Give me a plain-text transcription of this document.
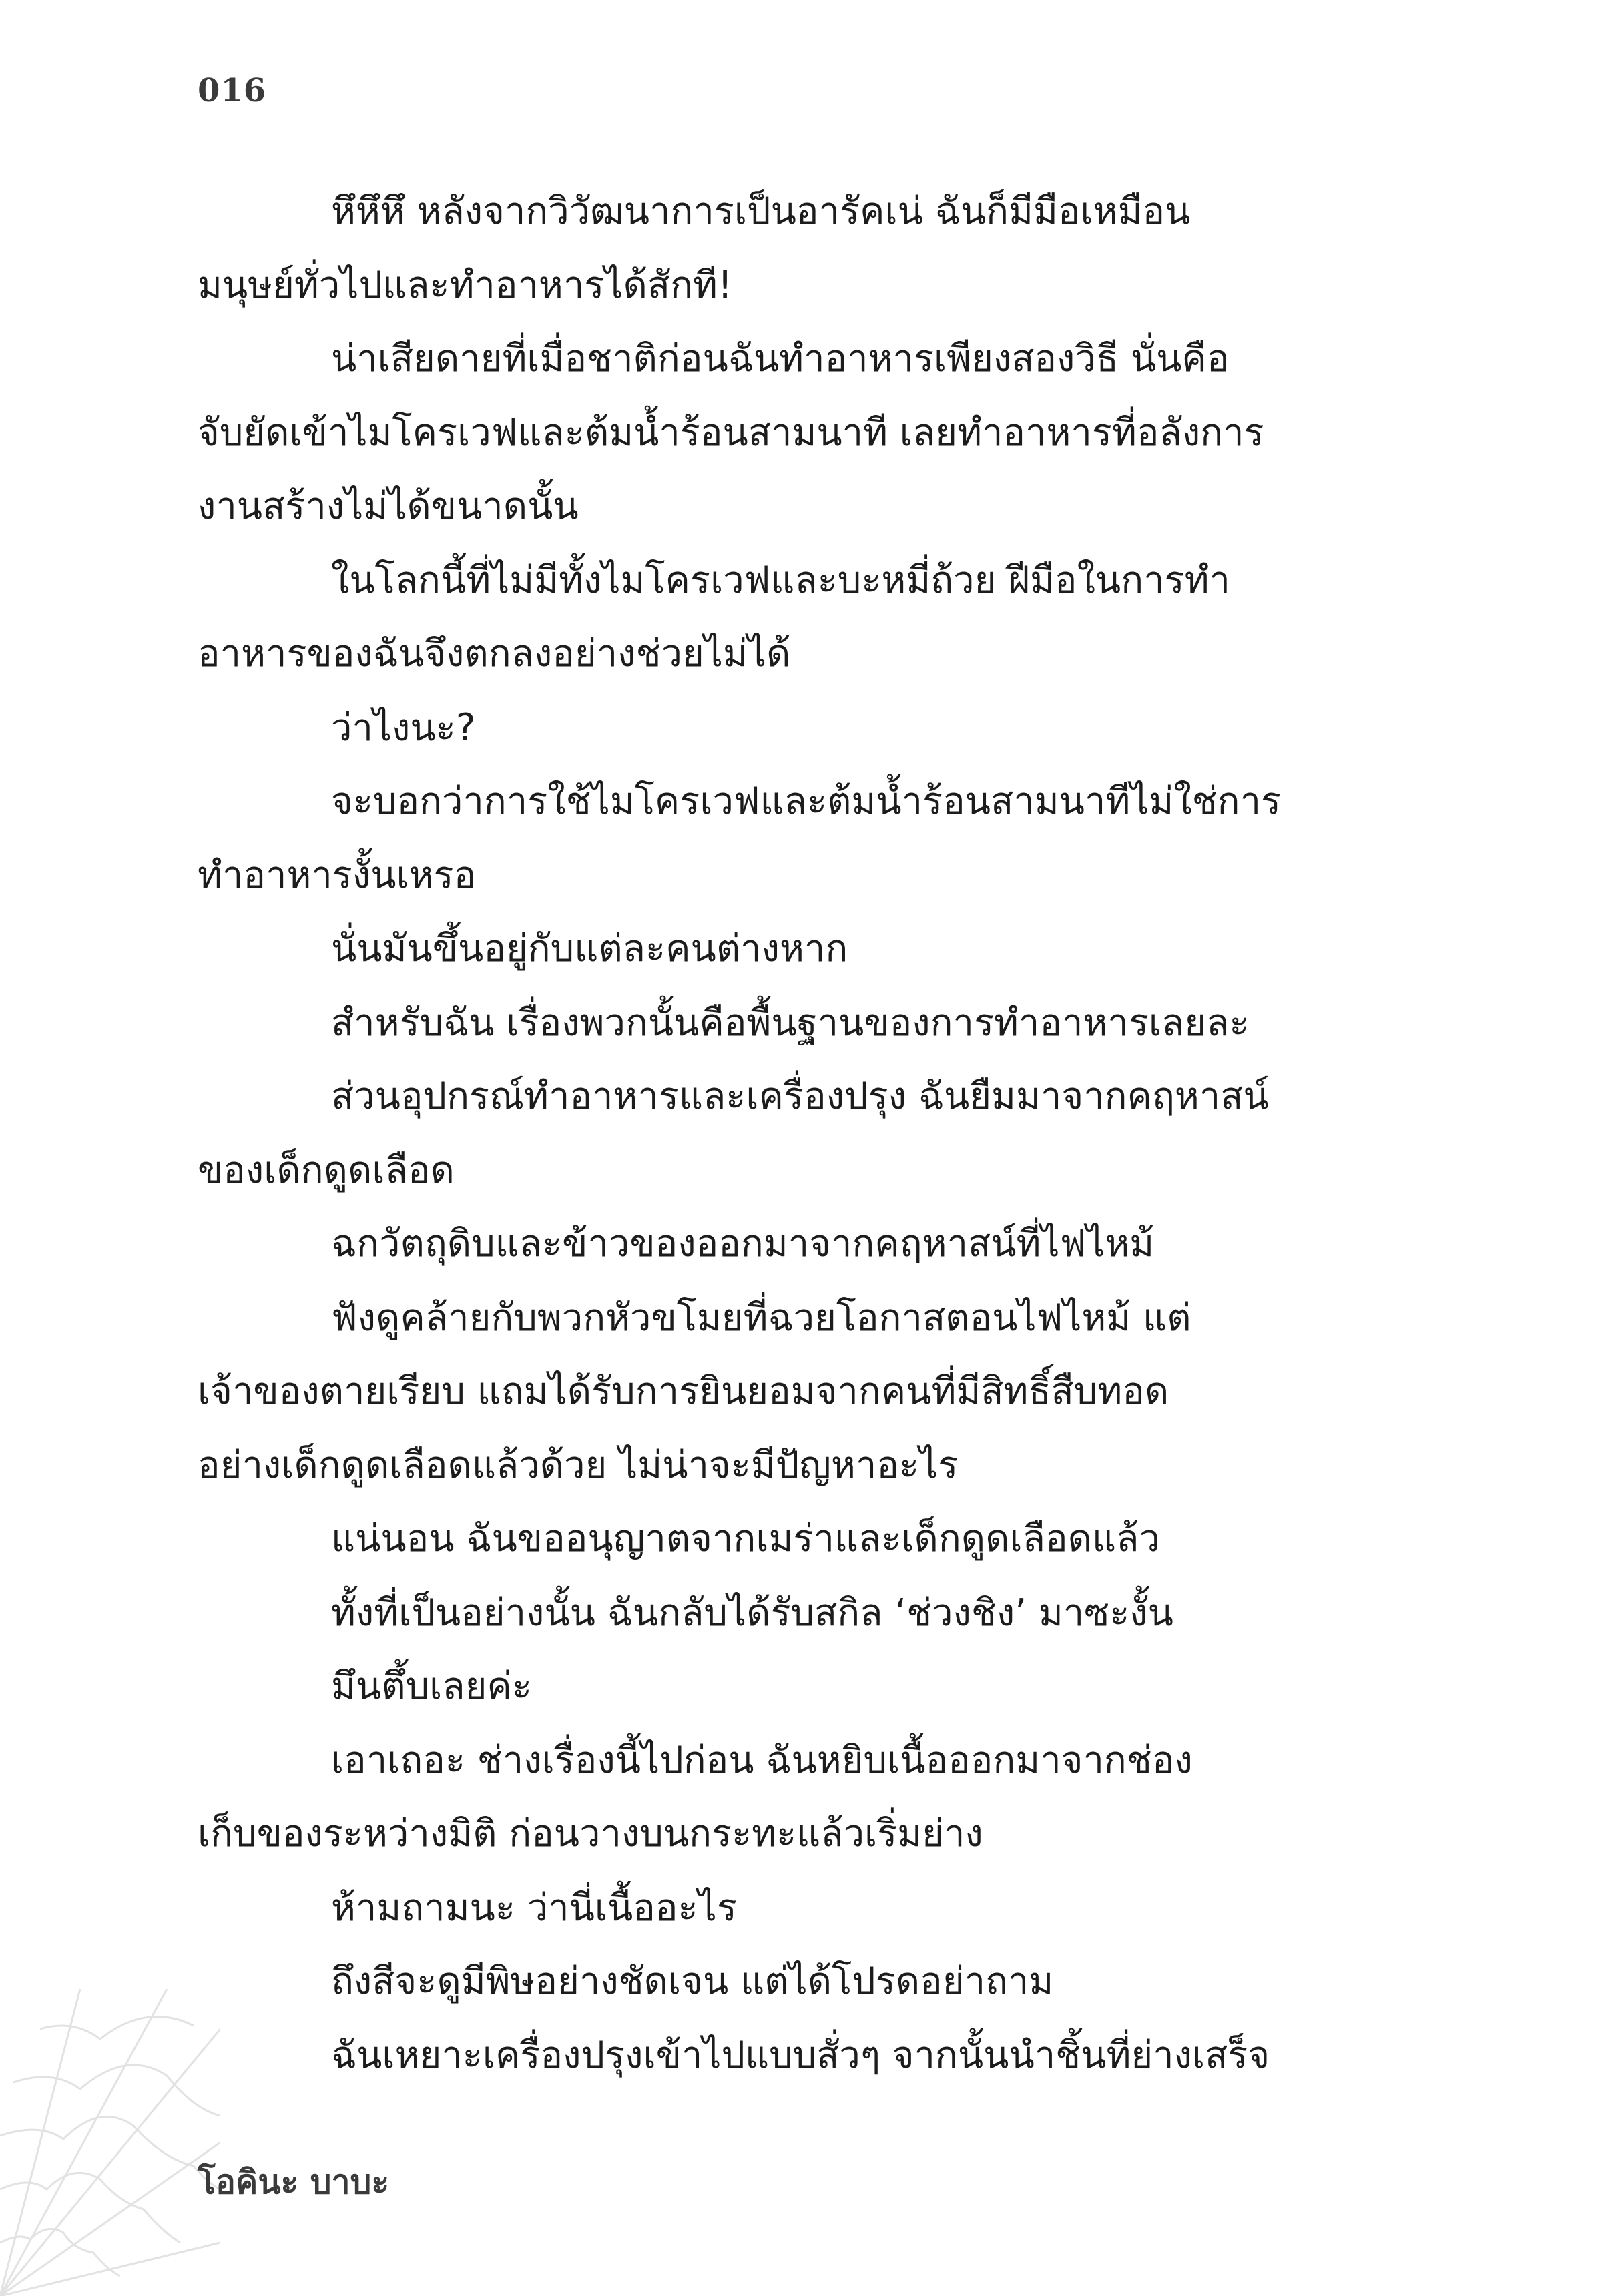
016

หึหึหึ หลังจากวิวัฒนาการเป็นอารัคเน่ ฉันก็มีมือเหมือน
มนุษย์ทั่วไปและทำอาหารได้สักที!

น่าเสียดายที่เมื่อชาติก่อนฉันทำอาหารเพียงสองวิธี นั่นคือ
จับยัดเข้าไมโครเวฟและต้มน้ำร้อนสามนาที เลยทำอาหารที่อลังการ
งานสร้างไม่ได้ขนาดนั้น

ในโลกนี้ที่ไม่มีทั้งไมโครเวฟและบะหมี่ถ้วย ฝีมือในการทำ
อาหารของฉันจึงตกลงอย่างช่วยไม่ได้

ว่าไงนะ?

จะบอกว่าการใช้ไมโครเวฟและต้มน้ำร้อนสามนาทีไม่ใช่การ
ทำอาหารงั้นเหรอ

นั่นมันขึ้นอยู่กับแต่ละคนต่างหาก

สำหรับฉัน เรื่องพวกนั้นคือพื้นฐานของการทำอาหารเลยละ

ส่วนอุปกรณ์ทำอาหารและเครื่องปรุง ฉันยืมมาจากคฤหาสน์
ของเด็กดูดเลือด

ฉกวัตถุดิบและข้าวของออกมาจากคฤหาสน์ที่ไฟไหม้

ฟังดูคล้ายกับพวกหัวขโมยที่ฉวยโอกาสตอนไฟไหม้ แต่
เจ้าของตายเรียบ แถมได้รับการยินยอมจากคนที่มีสิทธิ์สืบทอด
อย่างเด็กดูดเลือดแล้วด้วย ไม่น่าจะมีปัญหาอะไร

แน่นอน ฉันขออนุญาตจากเมร่าและเด็กดูดเลือดแล้ว

ทั้งที่เป็นอย่างนั้น ฉันกลับได้รับสกิล ‘ช่วงชิง’ มาซะงั้น

มึนตึ้บเลยค่ะ

เอาเถอะ ช่างเรื่องนี้ไปก่อน ฉันหยิบเนื้อออกมาจากช่อง
เก็บของระหว่างมิติ ก่อนวางบนกระทะแล้วเริ่มย่าง

ห้ามถามนะ ว่านี่เนื้ออะไร

ถึงสีจะดูมีพิษอย่างชัดเจน แต่ได้โปรดอย่าถาม

ฉันเหยาะเครื่องปรุงเข้าไปแบบสั่วๆ จากนั้นนำชิ้นที่ย่างเสร็จ

โอคินะ บาบะ
